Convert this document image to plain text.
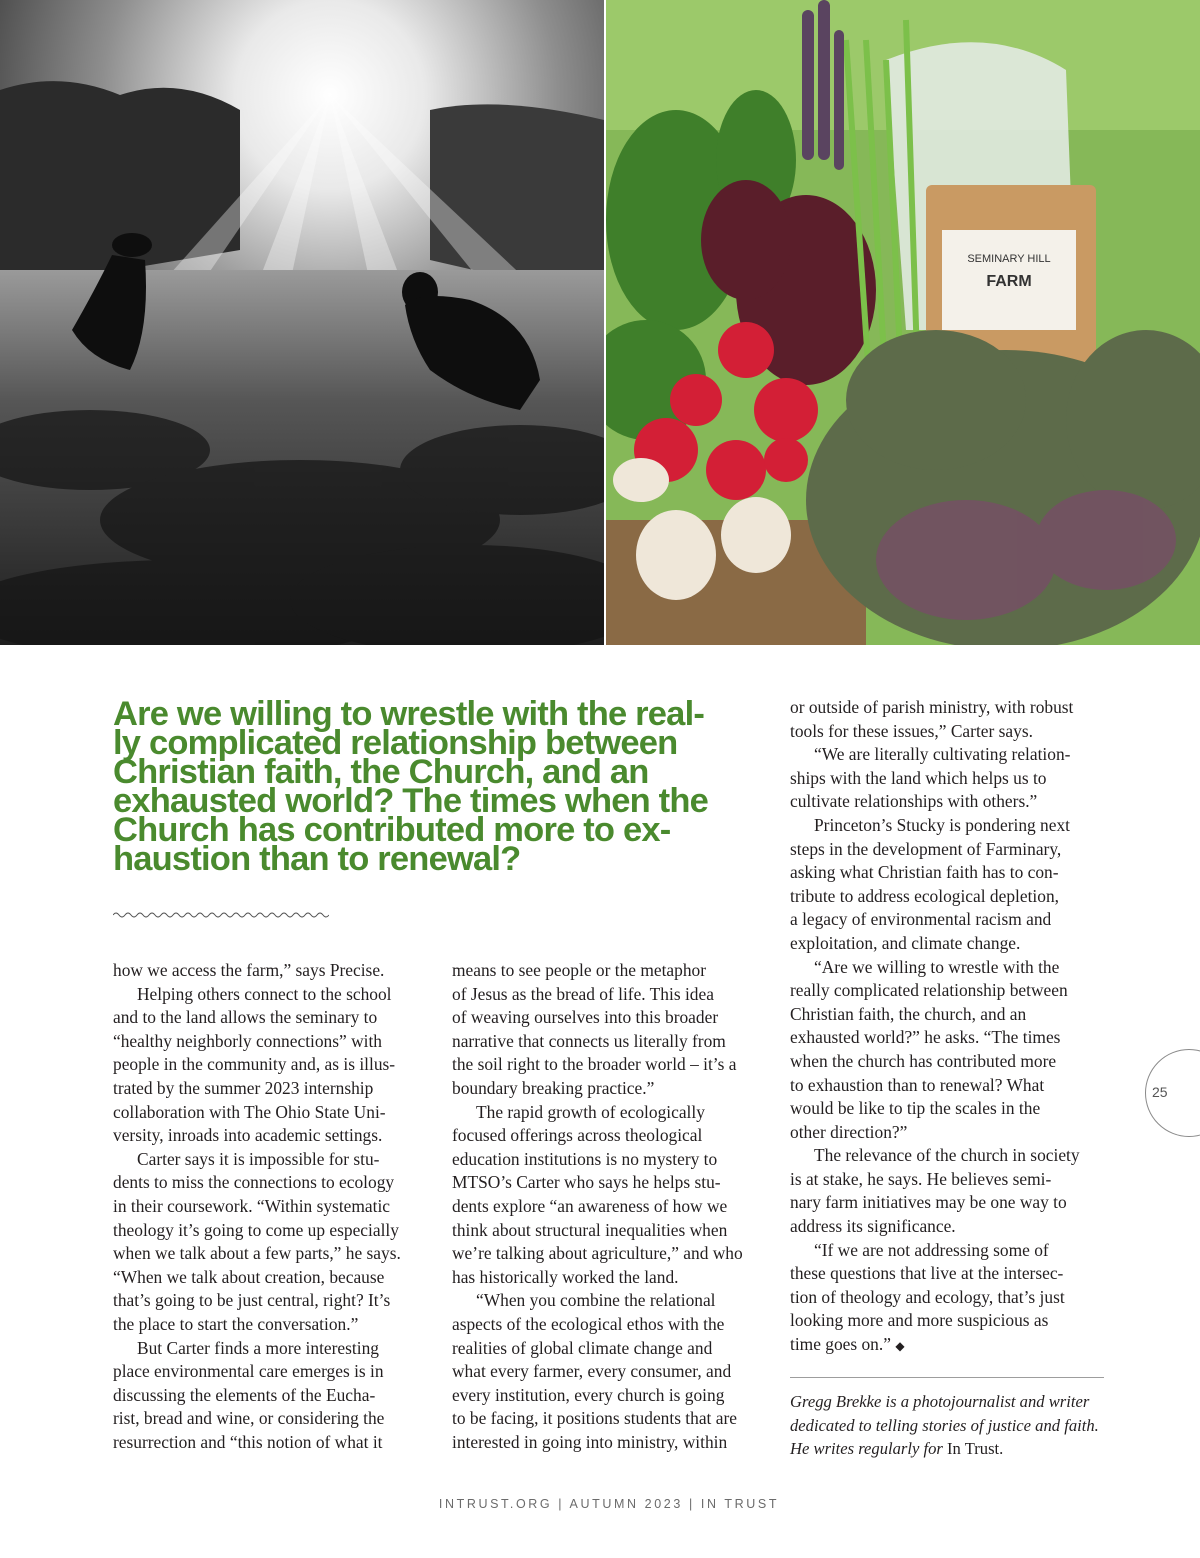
SEMINARY HILL
FARM
Are we willing to wrestle with the real-
ly complicated relationship between
Christian faith, the Church, and an
exhausted world? The times when the
Church has contributed more to ex-
haustion than to renewal?

how we access the farm,” says Precise.

Helping others connect to the school
and to the land allows the seminary to
“healthy neighborly connections” with
people in the community and, as is illus-
trated by the summer 2023 internship
collaboration with The Ohio State Uni-
versity, inroads into academic settings.

Carter says it is impossible for stu-
dents to miss the connections to ecology
in their coursework. “Within systematic
theology it’s going to come up especially
when we talk about a few parts,” he says.
“When we talk about creation, because
that’s going to be just central, right? It’s
the place to start the conversation.”

But Carter finds a more interesting
place environmental care emerges is in
discussing the elements of the Eucha-
rist, bread and wine, or considering the
resurrection and “this notion of what it

means to see people or the metaphor
of Jesus as the bread of life. This idea
of weaving ourselves into this broader
narrative that connects us literally from
the soil right to the broader world – it’s a
boundary breaking practice.”

The rapid growth of ecologically
focused offerings across theological
education institutions is no mystery to
MTSO’s Carter who says he helps stu-
dents explore “an awareness of how we
think about structural inequalities when
we’re talking about agriculture,” and who
has historically worked the land.

“When you combine the relational
aspects of the ecological ethos with the
realities of global climate change and
what every farmer, every consumer, and
every institution, every church is going
to be facing, it positions students that are
interested in going into ministry, within

or outside of parish ministry, with robust
tools for these issues,” Carter says.

“We are literally cultivating relation-
ships with the land which helps us to
cultivate relationships with others.”

Princeton’s Stucky is pondering next
steps in the development of Farminary,
asking what Christian faith has to con-
tribute to address ecological depletion,
a legacy of environmental racism and
exploitation, and climate change.

“Are we willing to wrestle with the
really complicated relationship between
Christian faith, the church, and an
exhausted world?” he asks. “The times
when the church has contributed more
to exhaustion than to renewal? What
would be like to tip the scales in the
other direction?”

The relevance of the church in society
is at stake, he says. He believes semi-
nary farm initiatives may be one way to
address its significance.

“If we are not addressing some of
these questions that live at the intersec-
tion of theology and ecology, that’s just
looking more and more suspicious as
time goes on.” ◆

Gregg Brekke is a photojournalist and writer
dedicated to telling stories of justice and faith.
He writes regularly for In Trust.
25
INTRUST.ORG | AUTUMN 2023 | IN TRUST
